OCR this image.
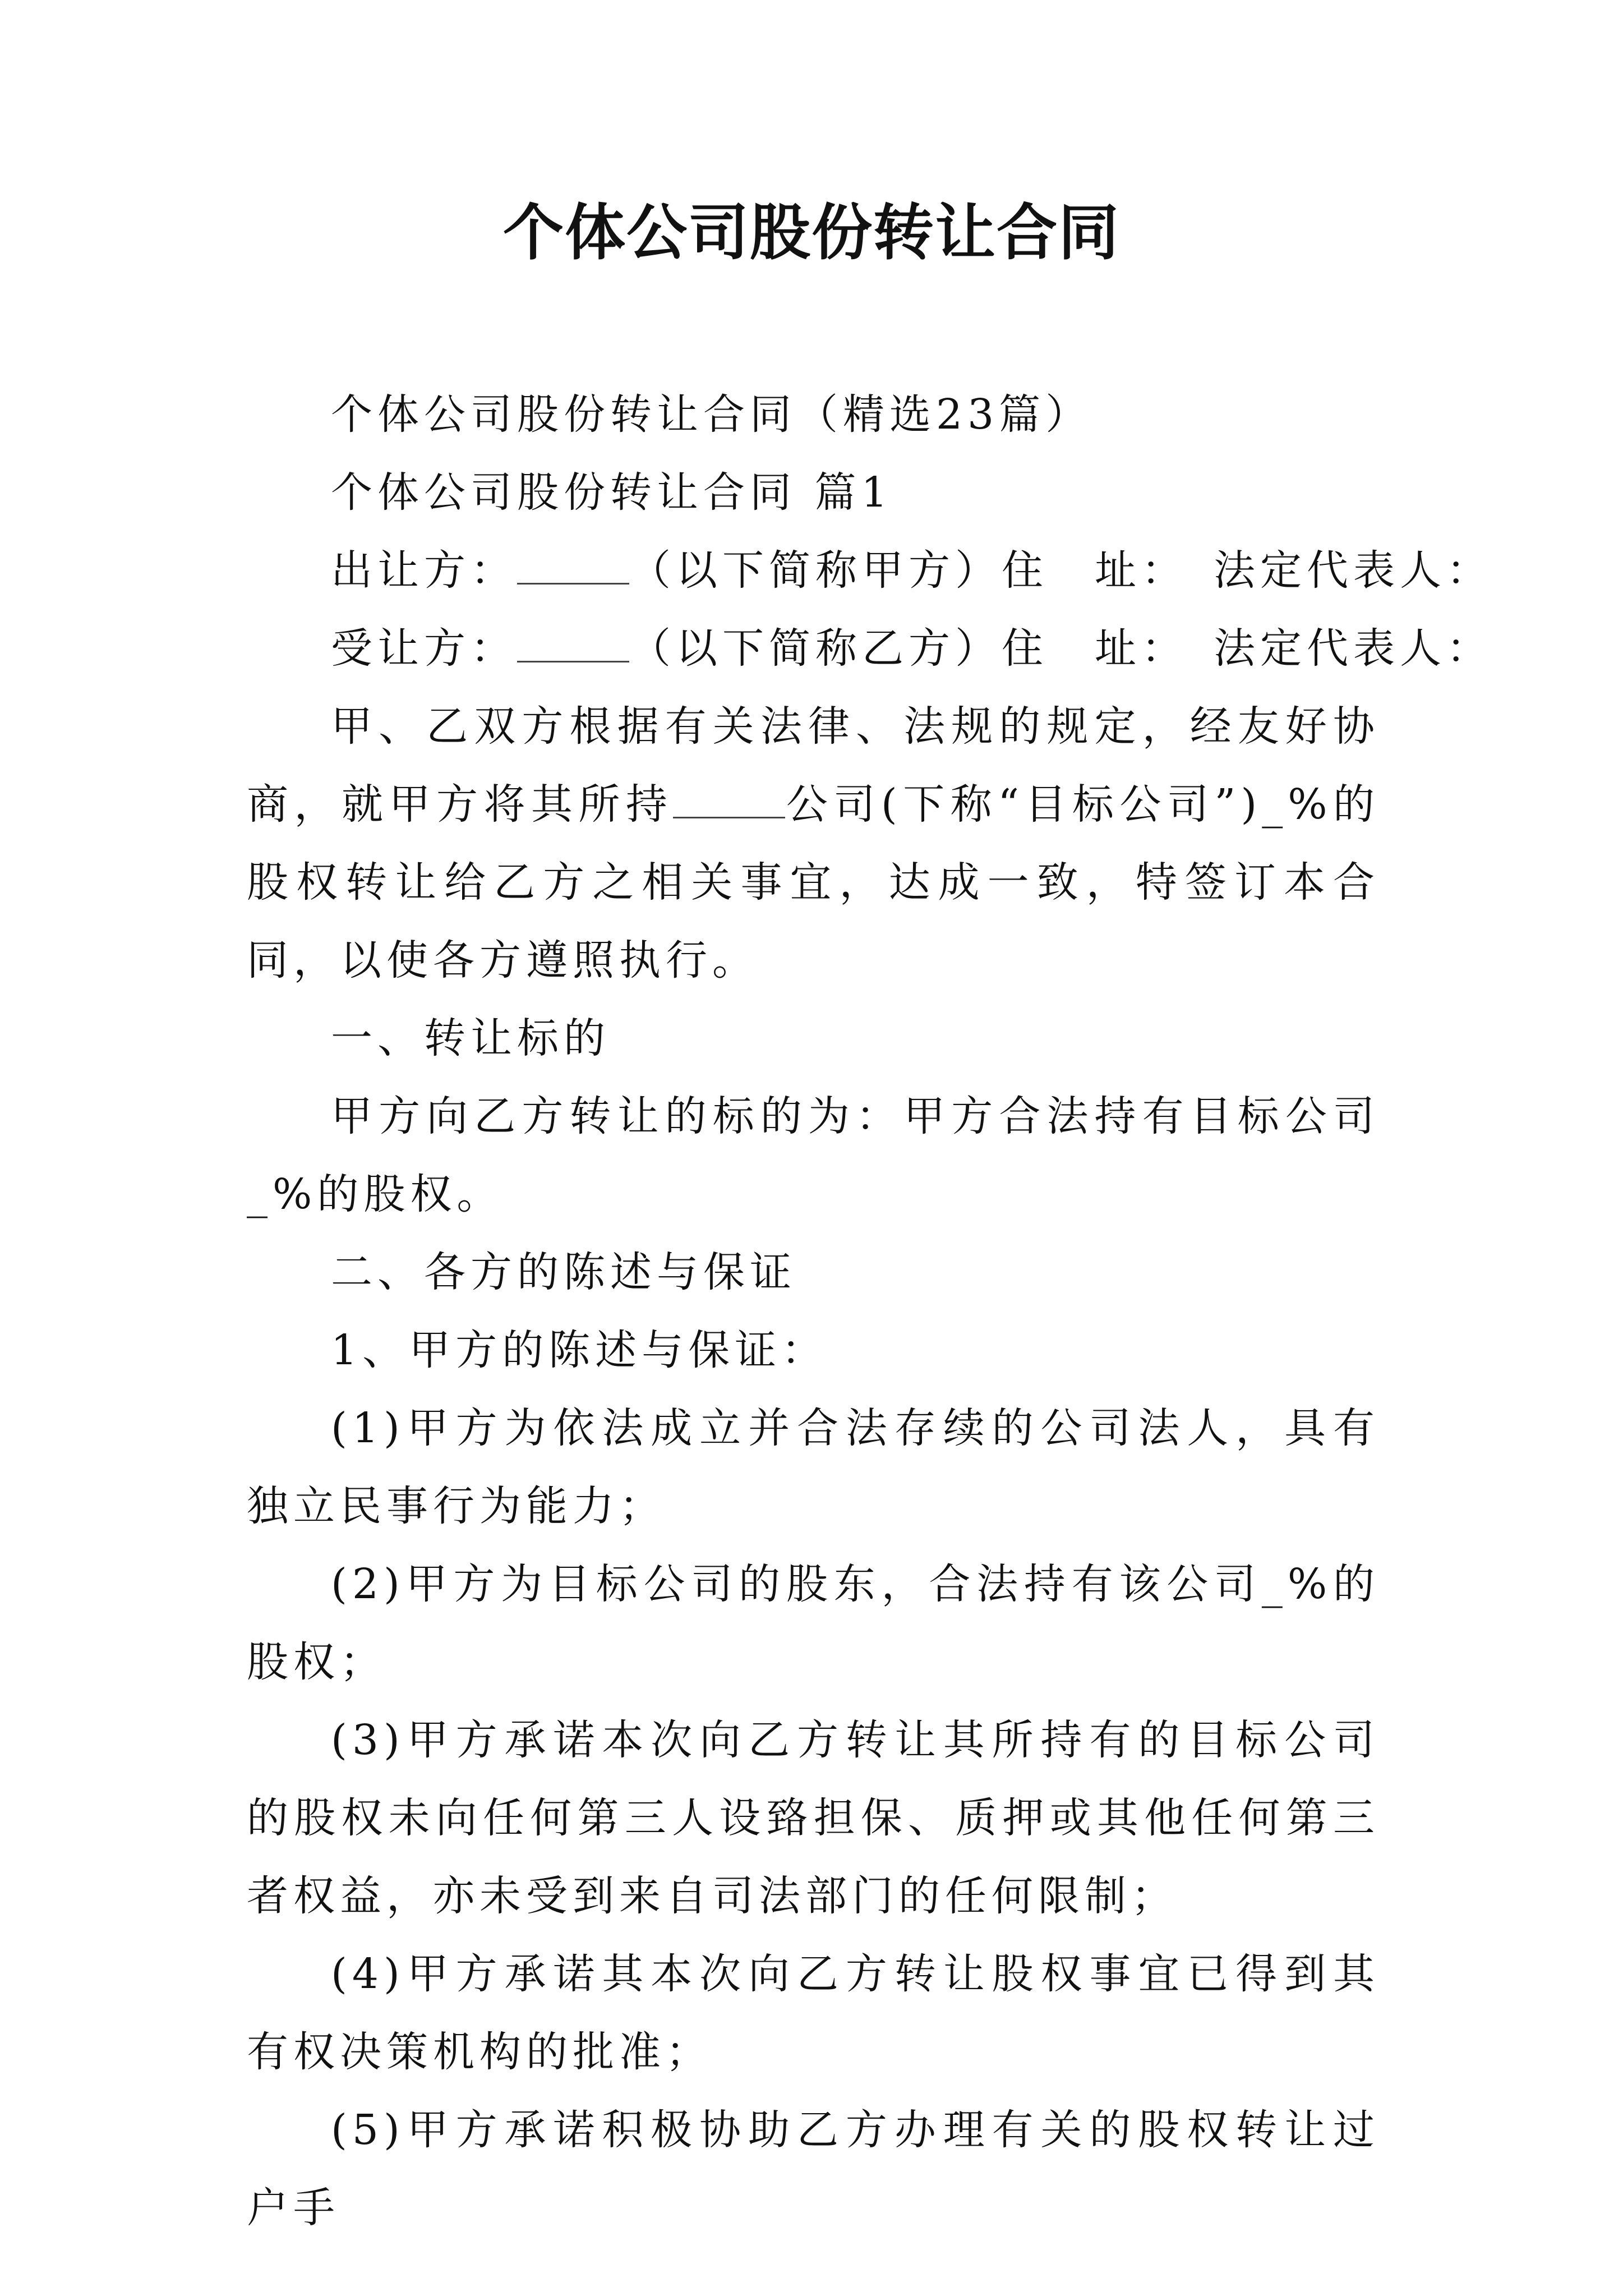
个体公司股份转让合同

个体公司股份转让合同（精选23篇）

个体公司股份转让合同 篇1

出让方：	（以下简称甲方）住　址：　法定代表人：

受让方：	（以下简称乙方）住　址：　法定代表人：

甲、乙双方根据有关法律、法规的规定，经友好协商，就甲方将其所持	公司(下称“目标公司”)_%的股权转让给乙方之相关事宜，达成一致，特签订本合同，以使各方遵照执行。

一、转让标的

甲方向乙方转让的标的为：甲方合法持有目标公司_%的股权。

二、各方的陈述与保证

1、甲方的陈述与保证：

(1)甲方为依法成立并合法存续的公司法人，具有独立民事行为能力；

(2)甲方为目标公司的股东，合法持有该公司_%的股权；

(3)甲方承诺本次向乙方转让其所持有的目标公司的股权未向任何第三人设臵担保、质押或其他任何第三者权益，亦未受到来自司法部门的任何限制；

(4)甲方承诺其本次向乙方转让股权事宜已得到其有权决策机构的批准；

(5)甲方承诺积极协助乙方办理有关的股权转让过户手
